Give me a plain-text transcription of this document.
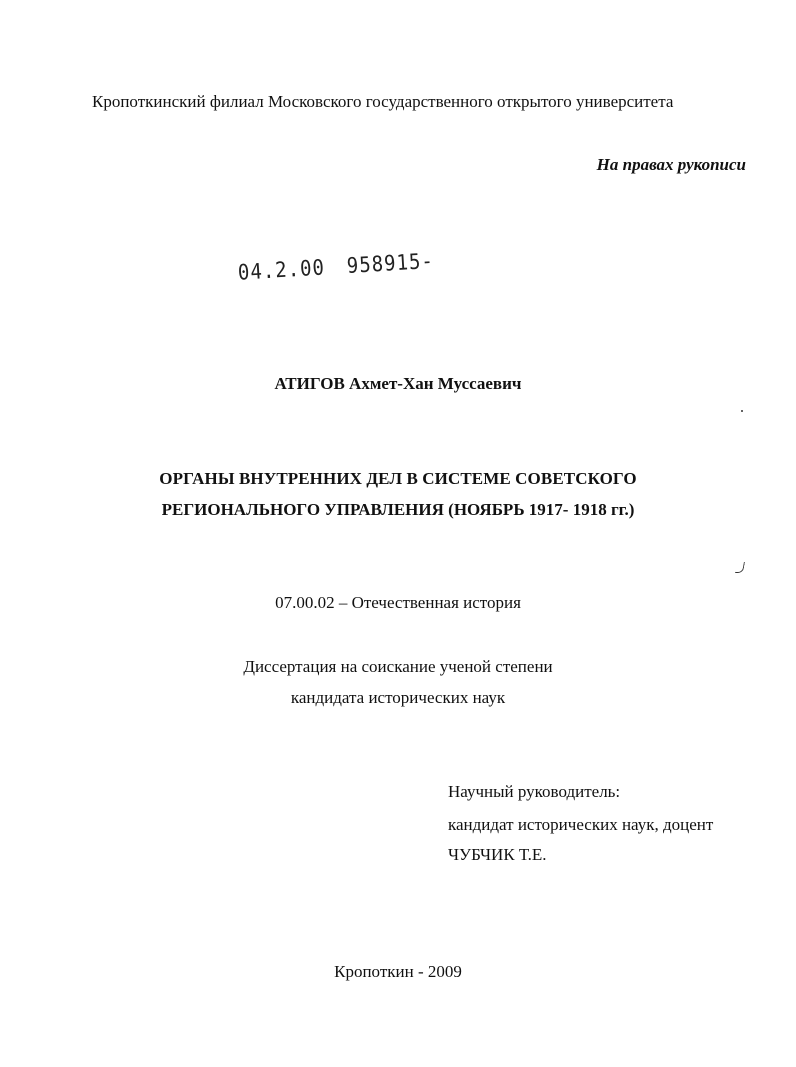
Кропоткинский филиал Московского государственного открытого университета
На правах рукописи
04.2.00 958915-
АТИГОВ Ахмет-Хан Муссаевич
ОРГАНЫ ВНУТРЕННИХ ДЕЛ В СИСТЕМЕ СОВЕТСКОГО
РЕГИОНАЛЬНОГО УПРАВЛЕНИЯ (НОЯБРЬ 1917- 1918 гг.)
07.00.02 – Отечественная история
Диссертация на соискание ученой степени
кандидата исторических наук
Научный руководитель:
кандидат исторических наук, доцент
ЧУБЧИК Т.Е.
Кропоткин - 2009
